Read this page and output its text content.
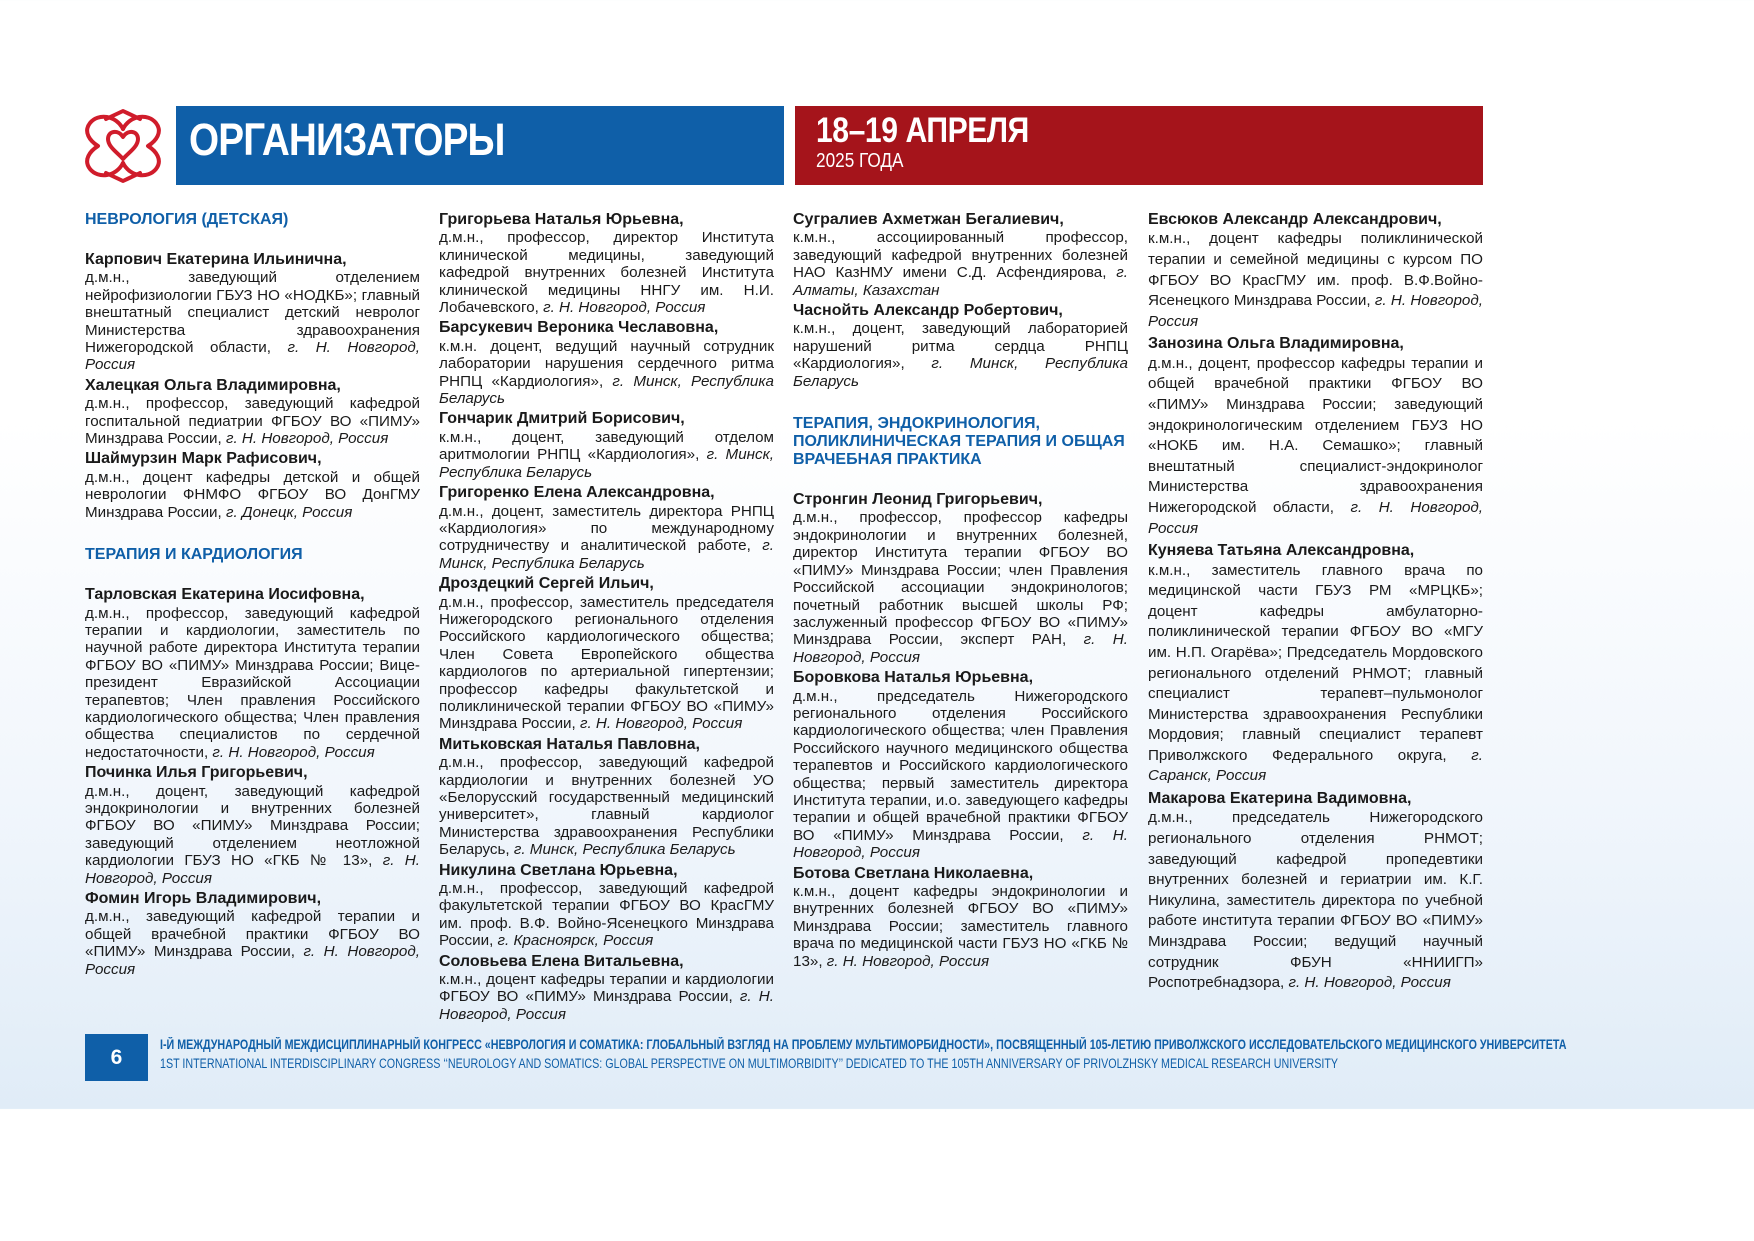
ОРГАНИЗАТОРЫ	18–19 АПРЕЛЯ
2025 ГОДА
НЕВРОЛОГИЯ (ДЕТСКАЯ)
Карпович Екатерина Ильинична,
д.м.н., заведующий отделением нейрофизиологии ГБУЗ НО «НОДКБ»; главный внештатный специалист детский невролог Министерства здравоохранения Нижегородской области, г. Н. Новгород, Россия
Халецкая Ольга Владимировна,
д.м.н., профессор, заведующий кафедрой госпитальной педиатрии ФГБОУ ВО «ПИМУ» Минздрава России, г. Н. Новгород, Россия
Шаймурзин Марк Рафисович,
д.м.н., доцент кафедры детской и общей неврологии ФНМФО ФГБОУ ВО ДонГМУ Минздрава России, г. Донецк, Россия
ТЕРАПИЯ И КАРДИОЛОГИЯ
Тарловская Екатерина Иосифовна,
д.м.н., профессор, заведующий кафедрой терапии и кардиологии, заместитель по научной работе директора Института терапии ФГБОУ ВО «ПИМУ» Минздрава России; Вице-президент Евразийской Ассоциации терапевтов; Член правления Российского кардиологического общества; Член правления общества специалистов по сердечной недостаточности, г. Н. Новгород, Россия
Починка Илья Григорьевич,
д.м.н., доцент, заведующий кафедрой эндокринологии и внутренних болезней ФГБОУ ВО «ПИМУ» Минздрава России; заведующий отделением неотложной кардиологии ГБУЗ НО «ГКБ № 13», г. Н. Новгород, Россия
Фомин Игорь Владимирович,
д.м.н., заведующий кафедрой терапии и общей врачебной практики ФГБОУ ВО «ПИМУ» Минздрава России, г. Н. Новгород, Россия
Григорьева Наталья Юрьевна,
д.м.н., профессор, директор Института клинической медицины, заведующий кафедрой внутренних болезней Института клинической медицины ННГУ им. Н.И. Лобачевского, г. Н. Новгород, Россия
Барсукевич Вероника Чеславовна,
к.м.н. доцент, ведущий научный сотрудник лаборатории нарушения сердечного ритма РНПЦ «Кардиология», г. Минск, Республика Беларусь
Гончарик Дмитрий Борисович,
к.м.н., доцент, заведующий отделом аритмологии РНПЦ «Кардиология», г. Минск, Республика Беларусь
Григоренко Елена Александровна,
д.м.н., доцент, заместитель директора РНПЦ «Кардиология» по международному сотрудничеству и аналитической работе, г. Минск, Республика Беларусь
Дроздецкий Сергей Ильич,
д.м.н., профессор, заместитель председателя Нижегородского регионального отделения Российского кардиологического общества; Член Совета Европейского общества кардиологов по артериальной гипертензии; профессор кафедры факультетской и поликлинической терапии ФГБОУ ВО «ПИМУ» Минздрава России, г. Н. Новгород, Россия
Митьковская Наталья Павловна,
д.м.н., профессор, заведующий кафедрой кардиологии и внутренних болезней УО «Белорусский государственный медицинский университет», главный кардиолог Министерства здравоохранения Республики Беларусь, г. Минск, Республика Беларусь
Никулина Светлана Юрьевна,
д.м.н., профессор, заведующий кафедрой факультетской терапии ФГБОУ ВО КрасГМУ им. проф. В.Ф. Войно-Ясенецкого Минздрава России, г. Красноярск, Россия
Соловьева Елена Витальевна,
к.м.н., доцент кафедры терапии и кардиологии ФГБОУ ВО «ПИМУ» Минздрава России, г. Н. Новгород, Россия
Сугралиев Ахметжан Бегалиевич,
к.м.н., ассоциированный профессор, заведующий кафедрой внутренних болезней НАО КазНМУ имени С.Д. Асфендиярова, г. Алматы, Казахстан
Часнойть Александр Робертович,
к.м.н., доцент, заведующий лабораторией нарушений ритма сердца РНПЦ «Кардиология», г. Минск, Республика Беларусь
ТЕРАПИЯ, ЭНДОКРИНОЛОГИЯ, ПОЛИКЛИНИЧЕСКАЯ ТЕРАПИЯ И ОБЩАЯ ВРАЧЕБНАЯ ПРАКТИКА
Стронгин Леонид Григорьевич,
д.м.н., профессор, профессор кафедры эндокринологии и внутренних болезней, директор Института терапии ФГБОУ ВО «ПИМУ» Минздрава России; член Правления Российской ассоциации эндокринологов; почетный работник высшей школы РФ; заслуженный профессор ФГБОУ ВО «ПИМУ» Минздрава России, эксперт РАН, г. Н. Новгород, Россия
Боровкова Наталья Юрьевна,
д.м.н., председатель Нижегородского регионального отделения Российского кардиологического общества; член Правления Российского научного медицинского общества терапевтов и Российского кардиологического общества; первый заместитель директора Института терапии, и.о. заведующего кафедры терапии и общей врачебной практики ФГБОУ ВО «ПИМУ» Минздрава России, г. Н. Новгород, Россия
Ботова Светлана Николаевна,
к.м.н., доцент кафедры эндокринологии и внутренних болезней ФГБОУ ВО «ПИМУ» Минздрава России; заместитель главного врача по медицинской части ГБУЗ НО «ГКБ № 13», г. Н. Новгород, Россия
Евсюков Александр Александрович,
к.м.н., доцент кафедры поликлинической терапии и семейной медицины с курсом ПО ФГБОУ ВО КрасГМУ им. проф. В.Ф.Войно-Ясенецкого Минздрава России, г. Н. Новгород, Россия
Занозина Ольга Владимировна,
д.м.н., доцент, профессор кафедры терапии и общей врачебной практики ФГБОУ ВО «ПИМУ» Минздрава России; заведующий эндокринологическим отделением ГБУЗ НО «НОКБ им. Н.А. Семашко»; главный внештатный специалист-эндокринолог Министерства здравоохранения Нижегородской области, г. Н. Новгород, Россия
Куняева Татьяна Александровна,
к.м.н., заместитель главного врача по медицинской части ГБУЗ РМ «МРЦКБ»; доцент кафедры амбулаторно-поликлинической терапии ФГБОУ ВО «МГУ им. Н.П. Огарёва»; Председатель Мордовского регионального отделений РНМОТ; главный специалист терапевт–пульмонолог Министерства здравоохранения Республики Мордовия; главный специалист терапевт Приволжского Федерального округа, г. Саранск, Россия
Макарова Екатерина Вадимовна,
д.м.н., председатель Нижегородского регионального отделения РНМОТ; заведующий кафедрой пропедевтики внутренних болезней и гериатрии им. К.Г. Никулина, заместитель директора по учебной работе института терапии ФГБОУ ВО «ПИМУ» Минздрава России; ведущий научный сотрудник ФБУН «ННИИГП» Роспотребнадзора, г. Н. Новгород, Россия
6
I-Й МЕЖДУНАРОДНЫЙ МЕЖДИСЦИПЛИНАРНЫЙ КОНГРЕСС «НЕВРОЛОГИЯ И СОМАТИКА: ГЛОБАЛЬНЫЙ ВЗГЛЯД НА ПРОБЛЕМУ МУЛЬТИМОРБИДНОСТИ», ПОСВЯЩЕННЫЙ 105-ЛЕТИЮ ПРИВОЛЖСКОГО ИССЛЕДОВАТЕЛЬСКОГО МЕДИЦИНСКОГО УНИВЕРСИТЕТА
1ST INTERNATIONAL INTERDISCIPLINARY CONGRESS ‘‘NEUROLOGY AND SOMATICS: GLOBAL PERSPECTIVE ON MULTIMORBIDITY’’ DEDICATED TO THE 105TH ANNIVERSARY OF PRIVOLZHSKY MEDICAL RESEARCH UNIVERSITY
